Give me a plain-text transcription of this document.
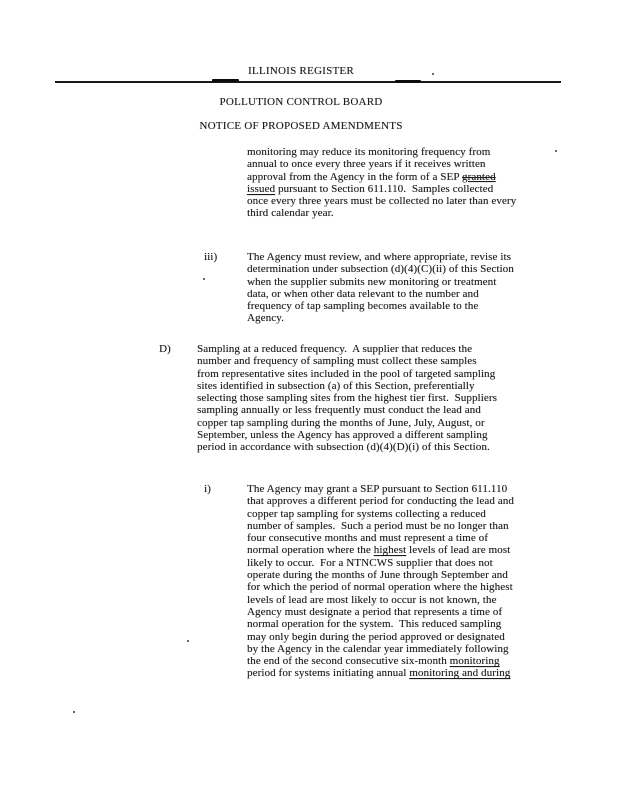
ILLINOIS REGISTER
POLLUTION CONTROL BOARD
NOTICE OF PROPOSED AMENDMENTS
monitoring may reduce its monitoring frequency from
annual to once every three years if it receives written
approval from the Agency in the form of a SEP granted
issued pursuant to Section 611.110.  Samples collected
once every three years must be collected no later than every
third calendar year.
iii)	The Agency must review, and where appropriate, revise its
determination under subsection (d)(4)(C)(ii) of this Section
when the supplier submits new monitoring or treatment
data, or when other data relevant to the number and
frequency of tap sampling becomes available to the
Agency.
D) Sampling at a reduced frequency.  A supplier that reduces the
number and frequency of sampling must collect these samples
from representative sites included in the pool of targeted sampling
sites identified in subsection (a) of this Section, preferentially
selecting those sampling sites from the highest tier first.  Suppliers
sampling annually or less frequently must conduct the lead and
copper tap sampling during the months of June, July, August, or
September, unless the Agency has approved a different sampling
period in accordance with subsection (d)(4)(D)(i) of this Section.
i)	The Agency may grant a SEP pursuant to Section 611.110
that approves a different period for conducting the lead and
copper tap sampling for systems collecting a reduced
number of samples.  Such a period must be no longer than
four consecutive months and must represent a time of
normal operation where the highest levels of lead are most
likely to occur.  For a NTNCWS supplier that does not
operate during the months of June through September and
for which the period of normal operation where the highest
levels of lead are most likely to occur is not known, the
Agency must designate a period that represents a time of
normal operation for the system.  This reduced sampling
may only begin during the period approved or designated
by the Agency in the calendar year immediately following
the end of the second consecutive six-month monitoring
period for systems initiating annual monitoring and during
